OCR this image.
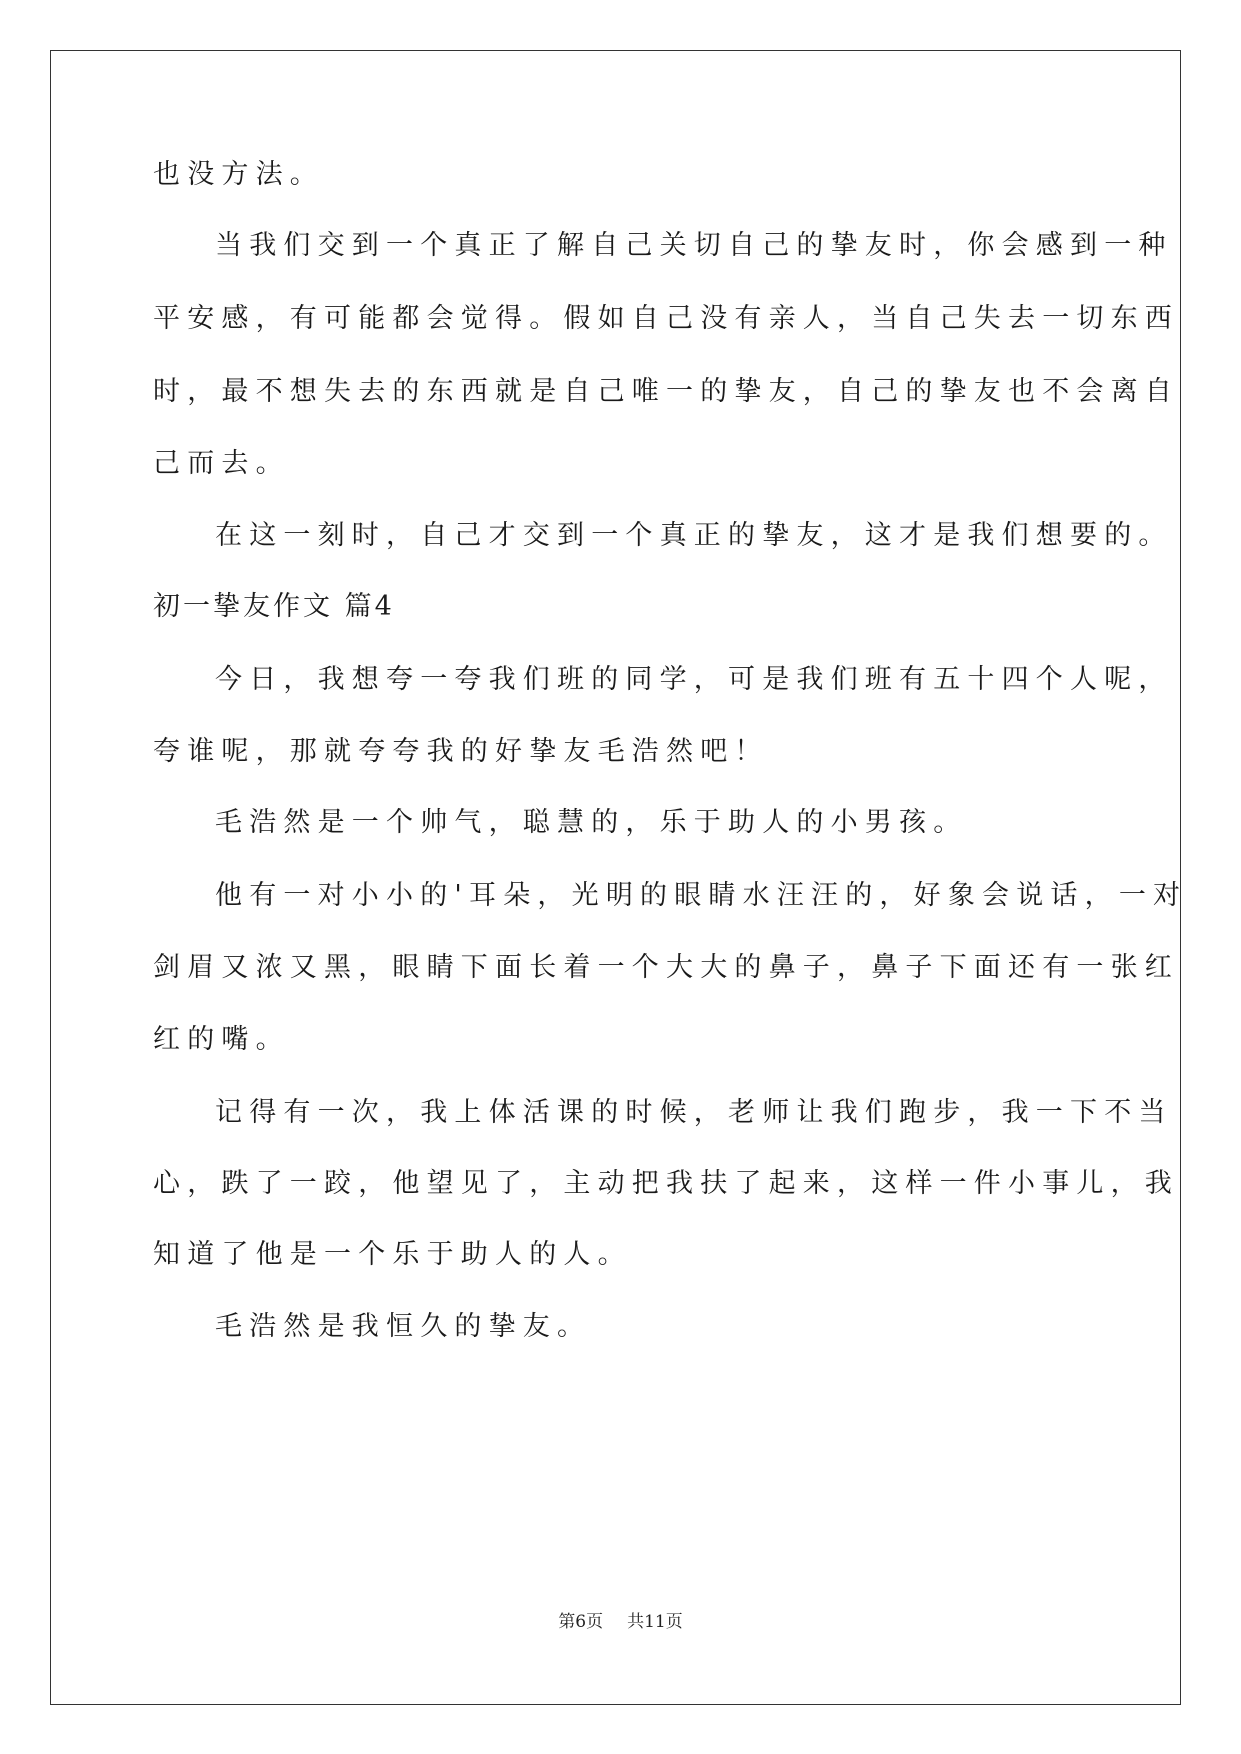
也没方法。
当我们交到一个真正了解自己关切自己的挚友时，你会感到一种
平安感，有可能都会觉得。假如自己没有亲人，当自己失去一切东西
时，最不想失去的东西就是自己唯一的挚友，自己的挚友也不会离自
己而去。
在这一刻时，自己才交到一个真正的挚友，这才是我们想要的。
初一挚友作文 篇4
今日，我想夸一夸我们班的同学，可是我们班有五十四个人呢，
夸谁呢，那就夸夸我的好挚友毛浩然吧！
毛浩然是一个帅气，聪慧的，乐于助人的小男孩。
他有一对小小的'耳朵，光明的眼睛水汪汪的，好象会说话，一对
剑眉又浓又黑，眼睛下面长着一个大大的鼻子，鼻子下面还有一张红
红的嘴。
记得有一次，我上体活课的时候，老师让我们跑步，我一下不当
心，跌了一跤，他望见了，主动把我扶了起来，这样一件小事儿，我
知道了他是一个乐于助人的人。
毛浩然是我恒久的挚友。
第6页 共11页
